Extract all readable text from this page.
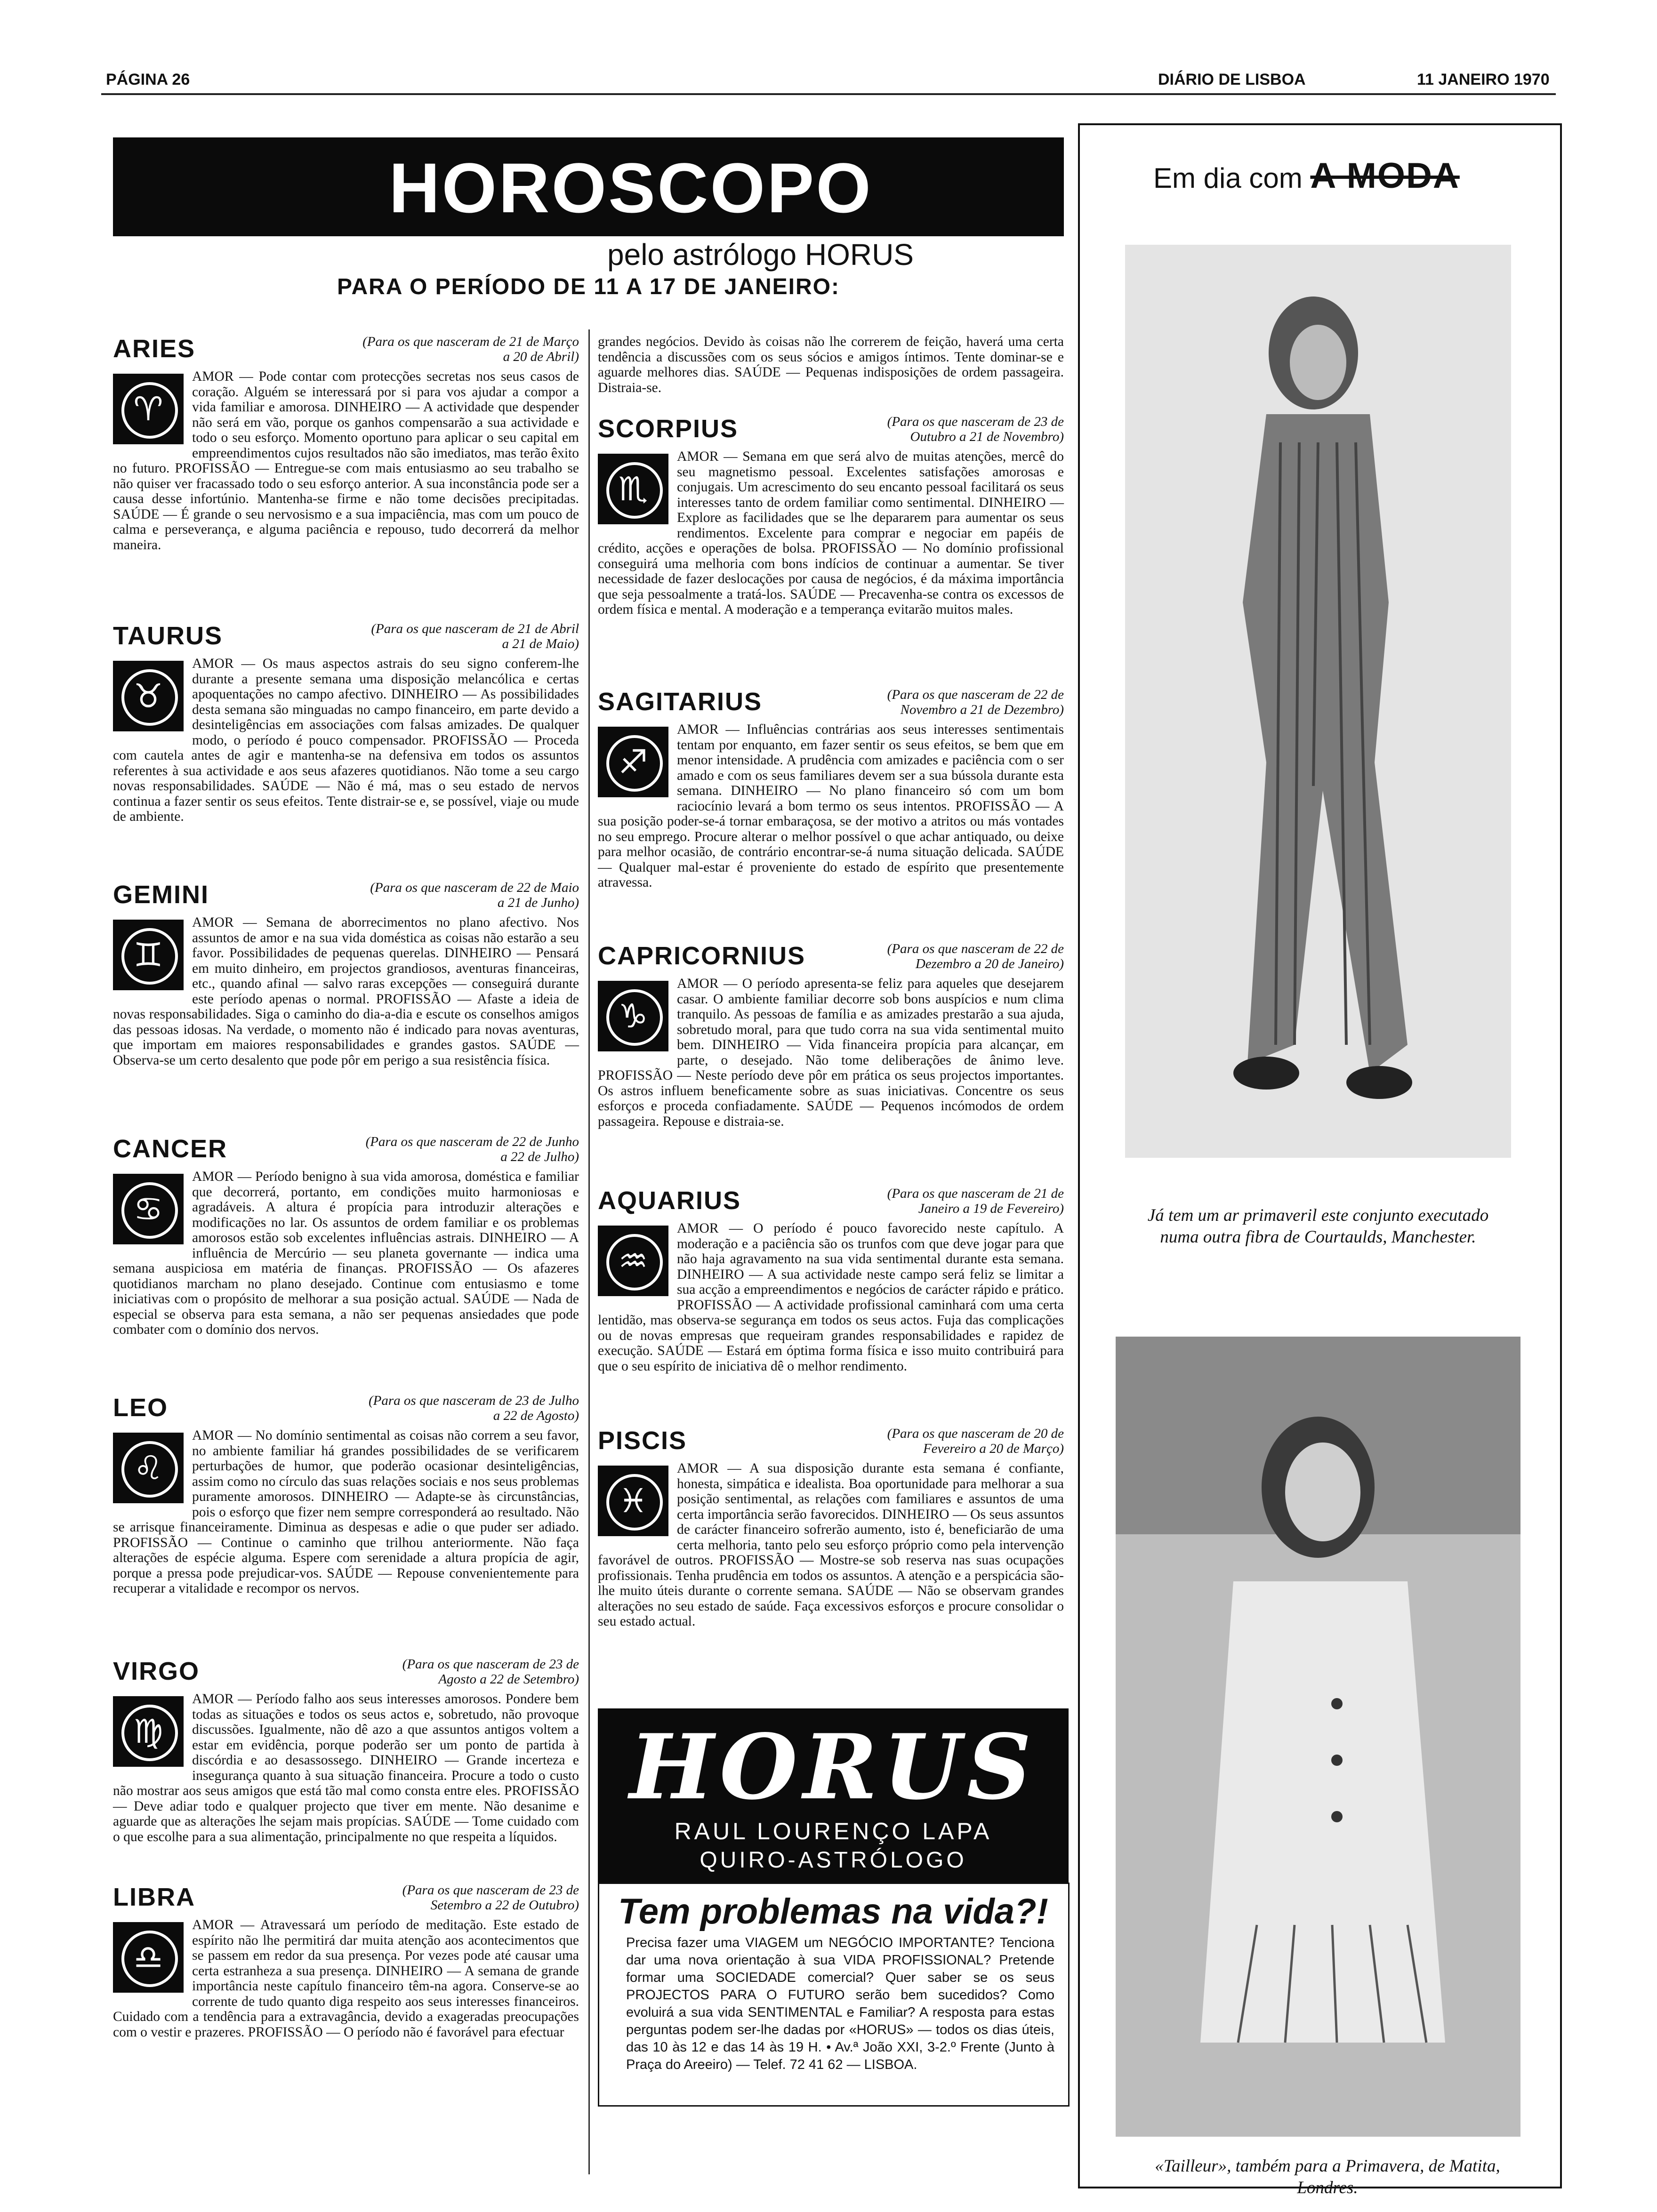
PÁGINA 26	DIÁRIO DE LISBOA	11 JANEIRO 1970
HOROSCOPO
pelo astrólogo HORUS
PARA O PERÍODO DE 11 A 17 DE JANEIRO:
ARIES	(Para os que nasceram de 21 de Março a 20 de Abril)
♈
AMOR — Pode contar com protecções secretas nos seus casos de coração. Alguém se interessará por si para vos ajudar a compor a vida familiar e amorosa. DINHEIRO — A actividade que despender não será em vão, porque os ganhos compensarão a sua actividade e todo o seu esforço. Momento oportuno para aplicar o seu capital em empreendimentos cujos resultados não são imediatos, mas terão êxito no futuro. PROFISSÃO — Entregue-se com mais entusiasmo ao seu trabalho se não quiser ver fracassado todo o seu esforço anterior. A sua inconstância pode ser a causa desse infortúnio. Mantenha-se firme e não tome decisões precipitadas. SAÚDE — É grande o seu nervosismo e a sua impaciência, mas com um pouco de calma e perseverança, e alguma paciência e repouso, tudo decorrerá da melhor maneira.
TAURUS	(Para os que nasceram de 21 de Abril a 21 de Maio)
♉
AMOR — Os maus aspectos astrais do seu signo conferem-lhe durante a presente semana uma disposição melancólica e certas apoquentações no campo afectivo. DINHEIRO — As possibilidades desta semana são minguadas no campo financeiro, em parte devido a desinteligências em associações com falsas amizades. De qualquer modo, o período é pouco compensador. PROFISSÃO — Proceda com cautela antes de agir e mantenha-se na defensiva em todos os assuntos referentes à sua actividade e aos seus afazeres quotidianos. Não tome a seu cargo novas responsabilidades. SAÚDE — Não é má, mas o seu estado de nervos continua a fazer sentir os seus efeitos. Tente distrair-se e, se possível, viaje ou mude de ambiente.
GEMINI	(Para os que nasceram de 22 de Maio a 21 de Junho)
♊
AMOR — Semana de aborrecimentos no plano afectivo. Nos assuntos de amor e na sua vida doméstica as coisas não estarão a seu favor. Possibilidades de pequenas querelas. DINHEIRO — Pensará em muito dinheiro, em projectos grandiosos, aventuras financeiras, etc., quando afinal — salvo raras excepções — conseguirá durante este período apenas o normal. PROFISSÃO — Afaste a ideia de novas responsabilidades. Siga o caminho do dia-a-dia e escute os conselhos amigos das pessoas idosas. Na verdade, o momento não é indicado para novas aventuras, que importam em maiores responsabilidades e grandes gastos. SAÚDE — Observa-se um certo desalento que pode pôr em perigo a sua resistência física.
CANCER	(Para os que nasceram de 22 de Junho a 22 de Julho)
♋
AMOR — Período benigno à sua vida amorosa, doméstica e familiar que decorrerá, portanto, em condições muito harmoniosas e agradáveis. A altura é propícia para introduzir alterações e modificações no lar. Os assuntos de ordem familiar e os problemas amorosos estão sob excelentes influências astrais. DINHEIRO — A influência de Mercúrio — seu planeta governante — indica uma semana auspiciosa em matéria de finanças. PROFISSÃO — Os afazeres quotidianos marcham no plano desejado. Continue com entusiasmo e tome iniciativas com o propósito de melhorar a sua posição actual. SAÚDE — Nada de especial se observa para esta semana, a não ser pequenas ansiedades que pode combater com o domínio dos nervos.
LEO	(Para os que nasceram de 23 de Julho a 22 de Agosto)
♌
AMOR — No domínio sentimental as coisas não correm a seu favor, no ambiente familiar há grandes possibilidades de se verificarem perturbações de humor, que poderão ocasionar desinteligências, assim como no círculo das suas relações sociais e nos seus problemas puramente amorosos. DINHEIRO — Adapte-se às circunstâncias, pois o esforço que fizer nem sempre corresponderá ao resultado. Não se arrisque financeiramente. Diminua as despesas e adie o que puder ser adiado. PROFISSÃO — Continue o caminho que trilhou anteriormente. Não faça alterações de espécie alguma. Espere com serenidade a altura propícia de agir, porque a pressa pode prejudicar-vos. SAÚDE — Repouse convenientemente para recuperar a vitalidade e recompor os nervos.
VIRGO	(Para os que nasceram de 23 de Agosto a 22 de Setembro)
♍
AMOR — Período falho aos seus interesses amorosos. Pondere bem todas as situações e todos os seus actos e, sobretudo, não provoque discussões. Igualmente, não dê azo a que assuntos antigos voltem a estar em evidência, porque poderão ser um ponto de partida à discórdia e ao desassossego. DINHEIRO — Grande incerteza e insegurança quanto à sua situação financeira. Procure a todo o custo não mostrar aos seus amigos que está tão mal como consta entre eles. PROFISSÃO — Deve adiar todo e qualquer projecto que tiver em mente. Não desanime e aguarde que as alterações lhe sejam mais propícias. SAÚDE — Tome cuidado com o que escolhe para a sua alimentação, principalmente no que respeita a líquidos.
LIBRA	(Para os que nasceram de 23 de Setembro a 22 de Outubro)
♎
AMOR — Atravessará um período de meditação. Este estado de espírito não lhe permitirá dar muita atenção aos acontecimentos que se passem em redor da sua presença. Por vezes pode até causar uma certa estranheza a sua presença. DINHEIRO — A semana de grande importância neste capítulo financeiro têm-na agora. Conserve-se ao corrente de tudo quanto diga respeito aos seus interesses financeiros. Cuidado com a tendência para a extravagância, devido a exageradas preocupações com o vestir e prazeres. PROFISSÃO — O período não é favorável para efectuar
grandes negócios. Devido às coisas não lhe correrem de feição, haverá uma certa tendência a discussões com os seus sócios e amigos íntimos. Tente dominar-se e aguarde melhores dias. SAÚDE — Pequenas indisposições de ordem passageira. Distraia-se.
SCORPIUS	(Para os que nasceram de 23 de Outubro a 21 de Novembro)
♏
AMOR — Semana em que será alvo de muitas atenções, mercê do seu magnetismo pessoal. Excelentes satisfações amorosas e conjugais. Um acrescimento do seu encanto pessoal facilitará os seus interesses tanto de ordem familiar como sentimental. DINHEIRO — Explore as facilidades que se lhe depararem para aumentar os seus rendimentos. Excelente para comprar e negociar em papéis de crédito, acções e operações de bolsa. PROFISSÃO — No domínio profissional conseguirá uma melhoria com bons indícios de continuar a aumentar. Se tiver necessidade de fazer deslocações por causa de negócios, é da máxima importância que seja pessoalmente a tratá-los. SAÚDE — Precavenha-se contra os excessos de ordem física e mental. A moderação e a temperança evitarão muitos males.
SAGITARIUS	(Para os que nasceram de 22 de Novembro a 21 de Dezembro)
♐
AMOR — Influências contrárias aos seus interesses sentimentais tentam por enquanto, em fazer sentir os seus efeitos, se bem que em menor intensidade. A prudência com amizades e paciência com o ser amado e com os seus familiares devem ser a sua bússola durante esta semana. DINHEIRO — No plano financeiro só com um bom raciocínio levará a bom termo os seus intentos. PROFISSÃO — A sua posição poder-se-á tornar embaraçosa, se der motivo a atritos ou más vontades no seu emprego. Procure alterar o melhor possível o que achar antiquado, ou deixe para melhor ocasião, de contrário encontrar-se-á numa situação delicada. SAÚDE — Qualquer mal-estar é proveniente do estado de espírito que presentemente atravessa.
CAPRICORNIUS	(Para os que nasceram de 22 de Dezembro a 20 de Janeiro)
♑
AMOR — O período apresenta-se feliz para aqueles que desejarem casar. O ambiente familiar decorre sob bons auspícios e num clima tranquilo. As pessoas de família e as amizades prestarão a sua ajuda, sobretudo moral, para que tudo corra na sua vida sentimental muito bem. DINHEIRO — Vida financeira propícia para alcançar, em parte, o desejado. Não tome deliberações de ânimo leve. PROFISSÃO — Neste período deve pôr em prática os seus projectos importantes. Os astros influem beneficamente sobre as suas iniciativas. Concentre os seus esforços e proceda confiadamente. SAÚDE — Pequenos incómodos de ordem passageira. Repouse e distraia-se.
AQUARIUS	(Para os que nasceram de 21 de Janeiro a 19 de Fevereiro)
♒
AMOR — O período é pouco favorecido neste capítulo. A moderação e a paciência são os trunfos com que deve jogar para que não haja agravamento na sua vida sentimental durante esta semana. DINHEIRO — A sua actividade neste campo será feliz se limitar a sua acção a empreendimentos e negócios de carácter rápido e prático. PROFISSÃO — A actividade profissional caminhará com uma certa lentidão, mas observa-se segurança em todos os seus actos. Fuja das complicações ou de novas empresas que requeiram grandes responsabilidades e rapidez de execução. SAÚDE — Estará em óptima forma física e isso muito contribuirá para que o seu espírito de iniciativa dê o melhor rendimento.
PISCIS	(Para os que nasceram de 20 de Fevereiro a 20 de Março)
♓
AMOR — A sua disposição durante esta semana é confiante, honesta, simpática e idealista. Boa oportunidade para melhorar a sua posição sentimental, as relações com familiares e assuntos de uma certa importância serão favorecidos. DINHEIRO — Os seus assuntos de carácter financeiro sofrerão aumento, isto é, beneficiarão de uma certa melhoria, tanto pelo seu esforço próprio como pela intervenção favorável de outros. PROFISSÃO — Mostre-se sob reserva nas suas ocupações profissionais. Tenha prudência em todos os assuntos. A atenção e a perspicácia são-lhe muito úteis durante o corrente semana. SAÚDE — Não se observam grandes alterações no seu estado de saúde. Faça excessivos esforços e procure consolidar o seu estado actual.
HORUS
RAUL LOURENÇO LAPA
QUIRO-ASTRÓLOGO
Tem problemas na vida?!
Precisa fazer uma VIAGEM um NEGÓCIO IMPORTANTE? Tenciona dar uma nova orientação à sua VIDA PROFISSIONAL? Pretende formar uma SOCIEDADE comercial? Quer saber se os seus PROJECTOS PARA O FUTURO serão bem sucedidos? Como evoluirá a sua vida SENTIMENTAL e Familiar? A resposta para estas perguntas podem ser-lhe dadas por «HORUS» — todos os dias úteis, das 10 às 12 e das 14 às 19 H. • Av.ª João XXI, 3-2.º Frente (Junto à Praça do Areeiro) — Telef. 72 41 62 — LISBOA.
Em dia com A MODA
Já tem um ar primaveril este conjunto executado numa outra fibra de Courtaulds, Manchester.
«Tailleur», também para a Primavera, de Matita, Londres.
